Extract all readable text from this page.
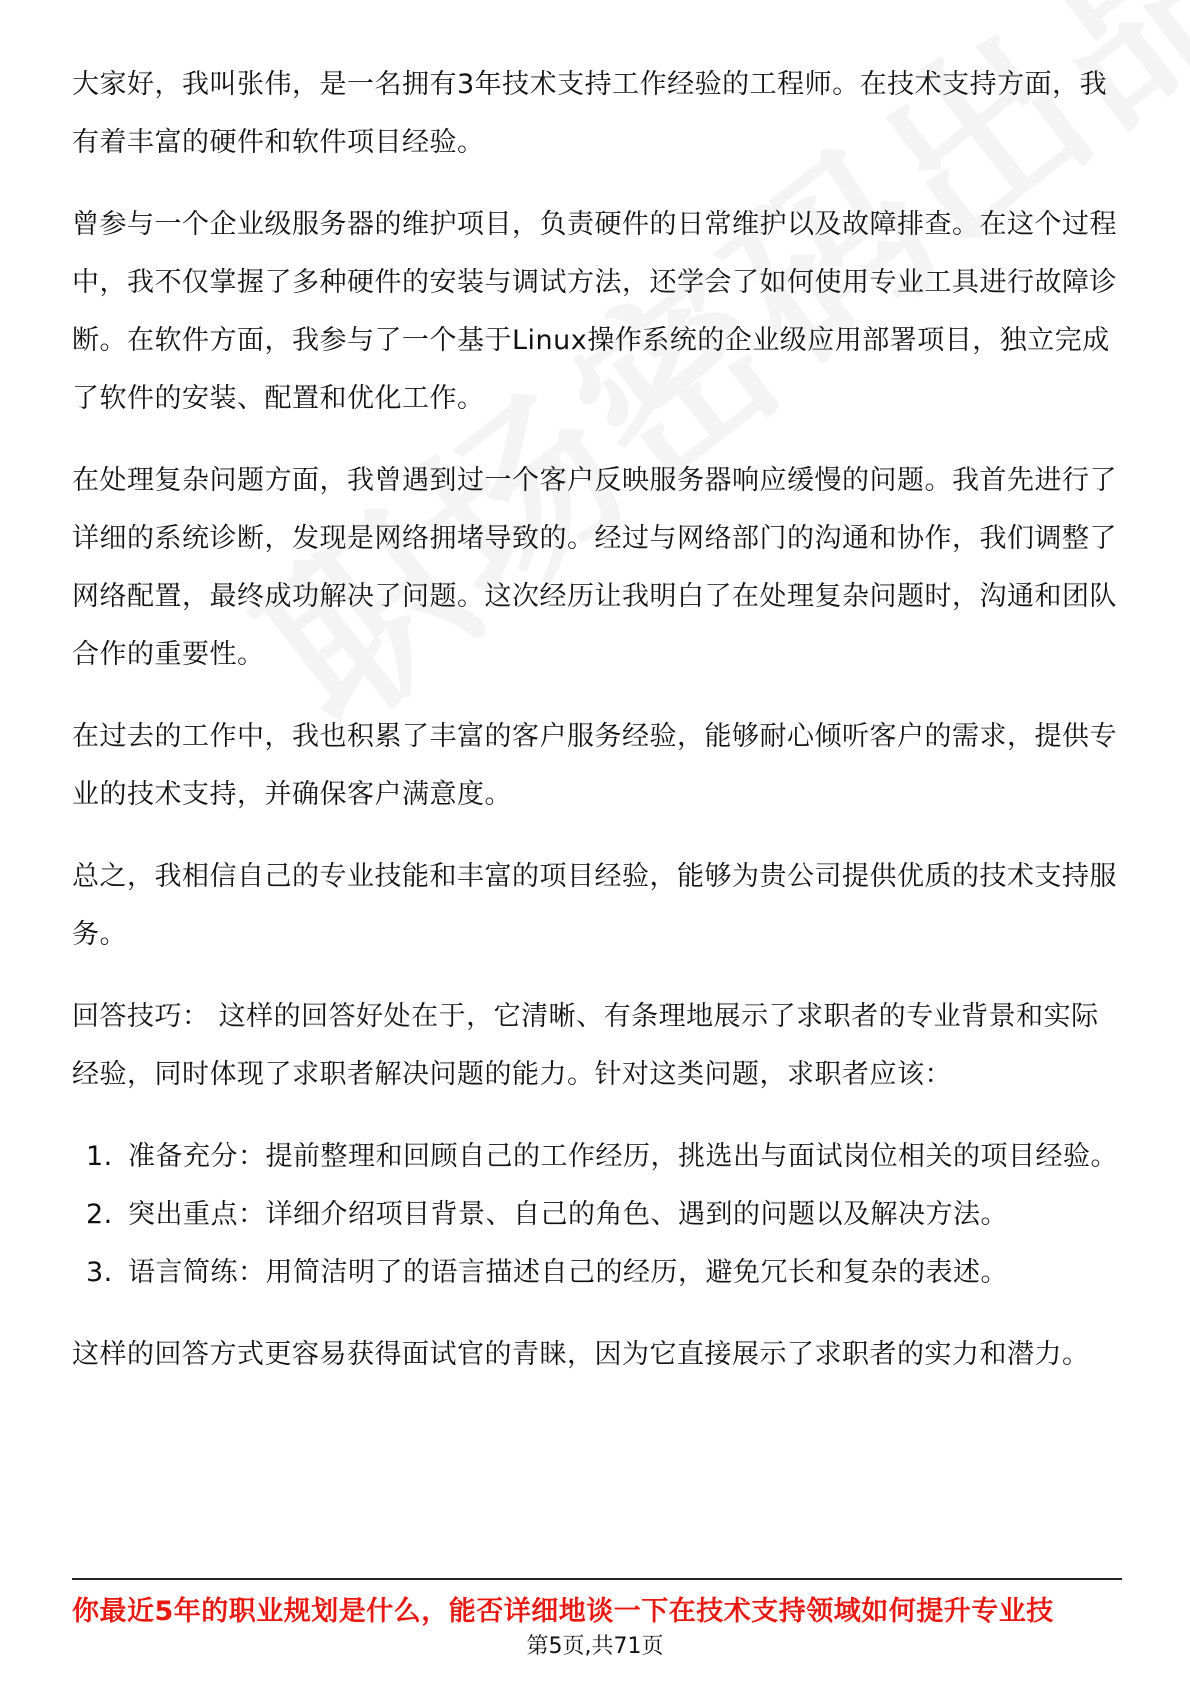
大家好，我叫张伟，是一名拥有3年技术支持工作经验的工程师。在技术支持方面，我有着丰富的硬件和软件项目经验。

曾参与一个企业级服务器的维护项目，负责硬件的日常维护以及故障排查。在这个过程中，我不仅掌握了多种硬件的安装与调试方法，还学会了如何使用专业工具进行故障诊断。在软件方面，我参与了一个基于Linux操作系统的企业级应用部署项目，独立完成了软件的安装、配置和优化工作。

在处理复杂问题方面，我曾遇到过一个客户反映服务器响应缓慢的问题。我首先进行了详细的系统诊断，发现是网络拥堵导致的。经过与网络部门的沟通和协作，我们调整了网络配置，最终成功解决了问题。这次经历让我明白了在处理复杂问题时，沟通和团队合作的重要性。

在过去的工作中，我也积累了丰富的客户服务经验，能够耐心倾听客户的需求，提供专业的技术支持，并确保客户满意度。

总之，我相信自己的专业技能和丰富的项目经验，能够为贵公司提供优质的技术支持服务。

回答技巧： 这样的回答好处在于，它清晰、有条理地展示了求职者的专业背景和实际经验，同时体现了求职者解决问题的能力。针对这类问题，求职者应该：

1. 准备充分：提前整理和回顾自己的工作经历，挑选出与面试岗位相关的项目经验。
2. 突出重点：详细介绍项目背景、自己的角色、遇到的问题以及解决方法。
3. 语言简练：用简洁明了的语言描述自己的经历，避免冗长和复杂的表述。

这样的回答方式更容易获得面试官的青睐，因为它直接展示了求职者的实力和潜力。

你最近5年的职业规划是什么，能否详细地谈一下在技术支持领域如何提升专业技
第5页,共71页
